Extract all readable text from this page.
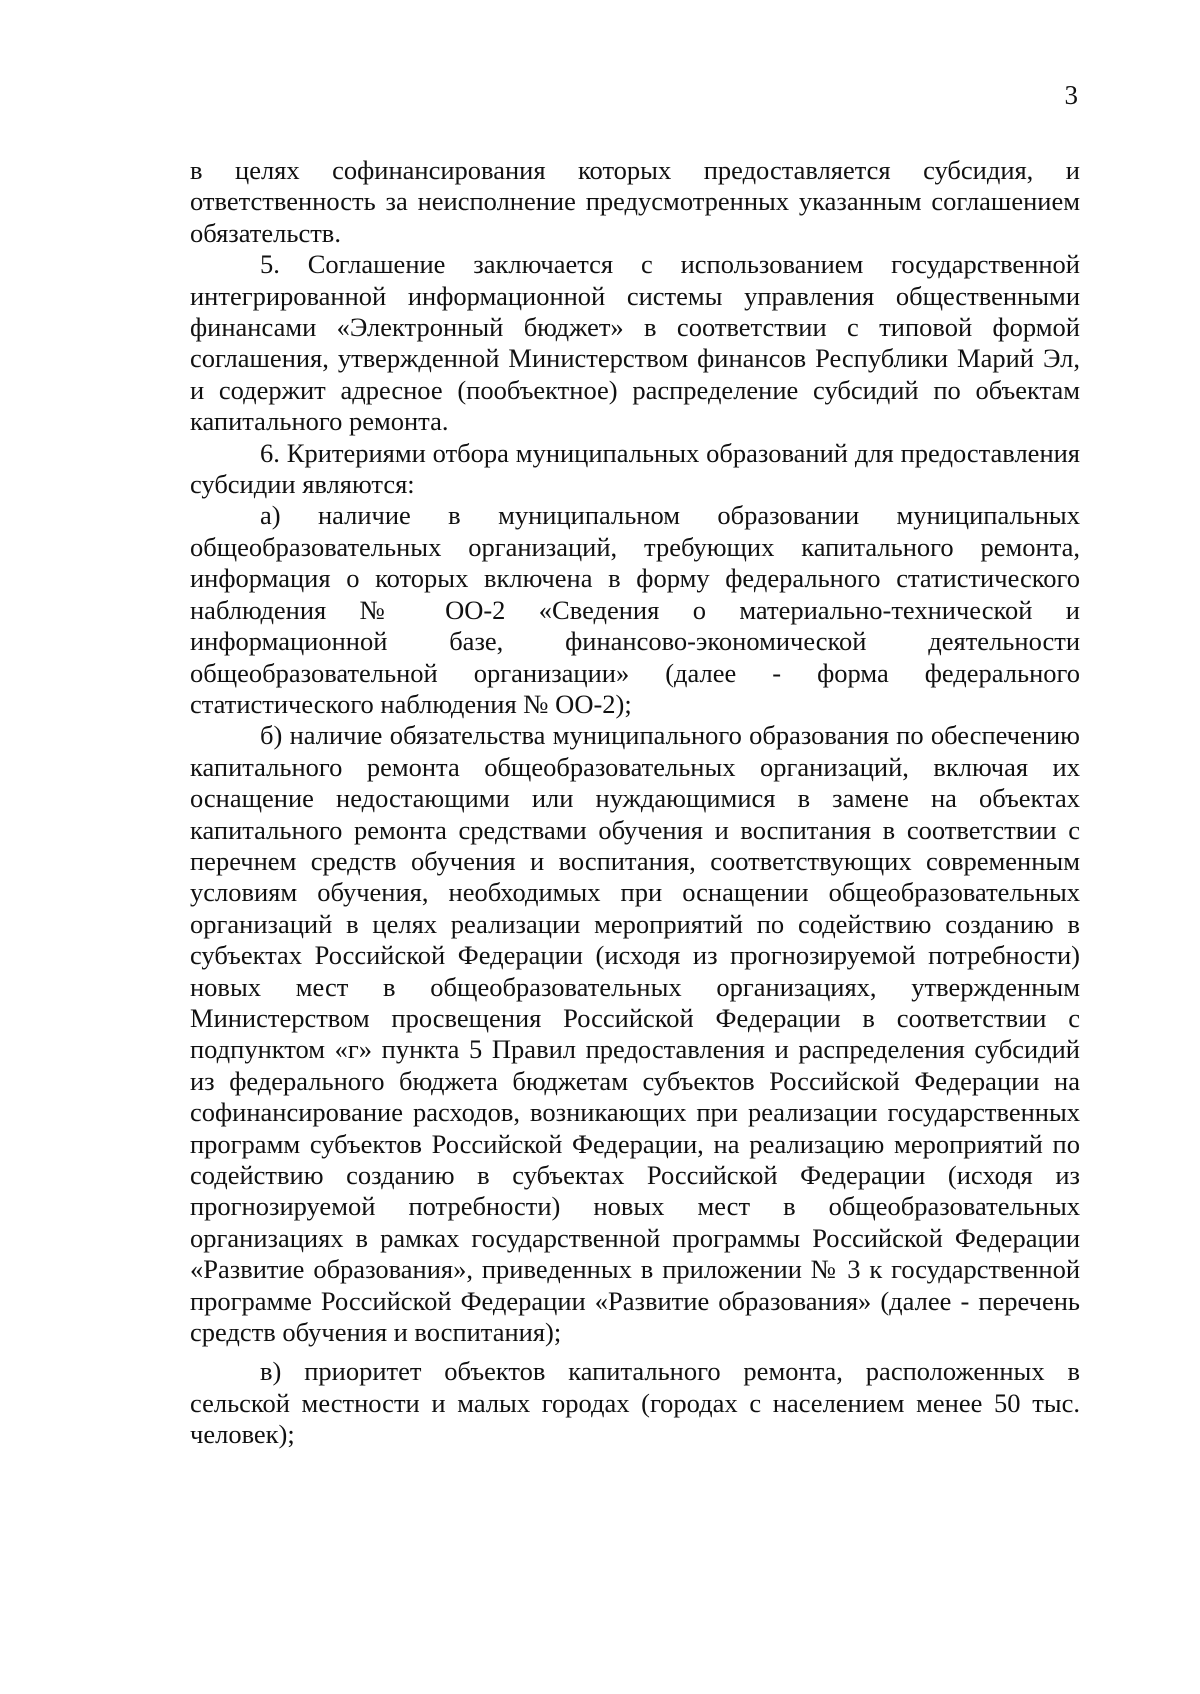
3

в целях софинансирования которых предоставляется субсидия, и ответственность за неисполнение предусмотренных указанным соглашением обязательств.

5. Соглашение заключается с использованием государственной интегрированной информационной системы управления общественными финансами «Электронный бюджет» в соответствии с типовой формой соглашения, утвержденной Министерством финансов Республики Марий Эл, и содержит адресное (пообъектное) распределение субсидий по объектам капитального ремонта.

6. Критериями отбора муниципальных образований для предоставления субсидии являются:

а) наличие в муниципальном образовании муниципальных общеобразовательных организаций, требующих капитального ремонта, информация о которых включена в форму федерального статистического наблюдения № ОО-2 «Сведения о материально-технической и информационной базе, финансово-экономической деятельности общеобразовательной организации» (далее - форма федерального статистического наблюдения № ОО-2);

б) наличие обязательства муниципального образования по обеспечению капитального ремонта общеобразовательных организаций, включая их оснащение недостающими или нуждающимися в замене на объектах капитального ремонта средствами обучения и воспитания в соответствии с перечнем средств обучения и воспитания, соответствующих современным условиям обучения, необходимых при оснащении общеобразовательных организаций в целях реализации мероприятий по содействию созданию в субъектах Российской Федерации (исходя из прогнозируемой потребности) новых мест в общеобразовательных организациях, утвержденным Министерством просвещения Российской Федерации в соответствии с подпунктом «г» пункта 5 Правил предоставления и распределения субсидий из федерального бюджета бюджетам субъектов Российской Федерации на софинансирование расходов, возникающих при реализации государственных программ субъектов Российской Федерации, на реализацию мероприятий по содействию созданию в субъектах Российской Федерации (исходя из прогнозируемой потребности) новых мест в общеобразовательных организациях в рамках государственной программы Российской Федерации «Развитие образования», приведенных в приложении № 3 к государственной программе Российской Федерации «Развитие образования» (далее - перечень средств обучения и воспитания);

в) приоритет объектов капитального ремонта, расположенных в сельской местности и малых городах (городах с населением менее 50 тыс. человек);
